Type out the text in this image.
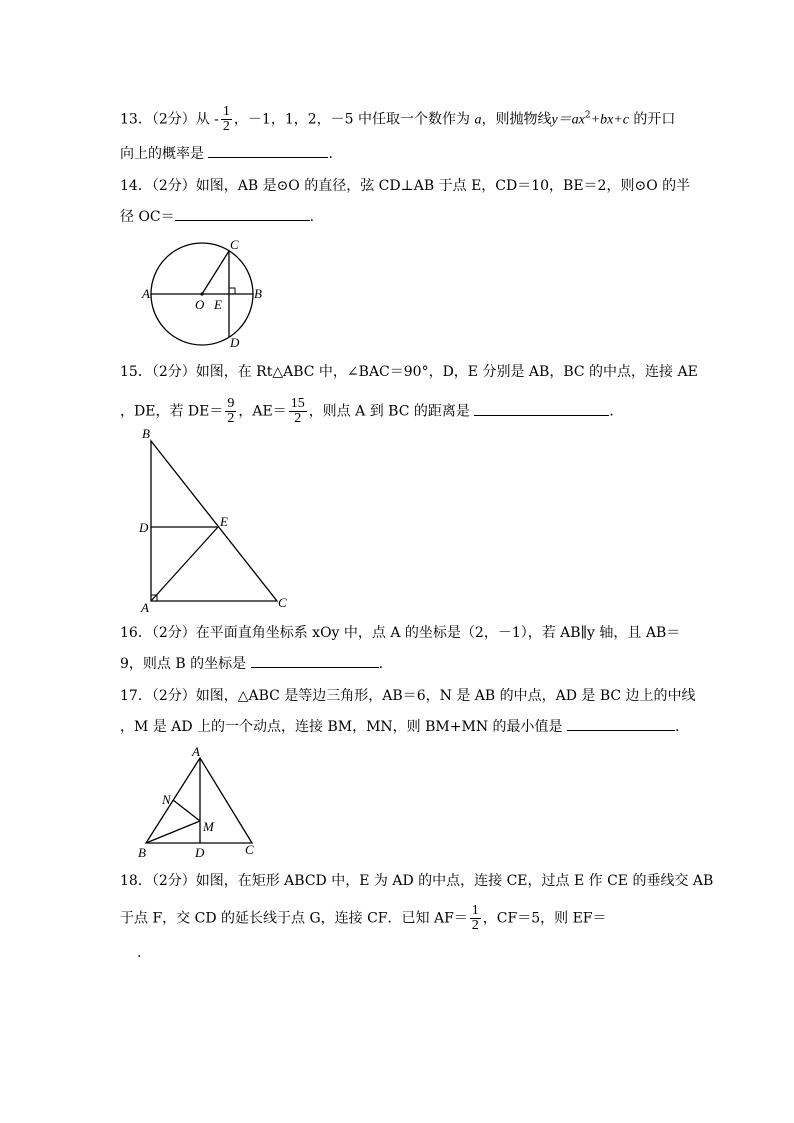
13．（2分）从 - $\frac{1}{2}$ ，－1，1，2，－5 中任取一个数作为 a，则抛物线$y=ax^2+bx+c$ 的开口
向上的概率是	.
14．（2分）如图，AB 是⊙O 的直径，弦 CD⊥AB 于点 E，CD＝10，BE＝2，则⊙O 的半
径 OC＝	.
A	B
C
D
O E
15．（2分）如图，在 Rt△ABC 中，∠BAC＝90°，D，E 分别是 AB，BC 的中点，连接 AE
，DE，若 $DE= \frac{9}{2}$ ，$AE= \frac{15}{2}$ ，则点 A 到 BC 的距离是	.
B
D	E
A	C
16．（2分）在平面直角坐标系 xOy 中，点 A 的坐标是（2，－1），若 AB∥y 轴，且 AB＝
9，则点 B 的坐标是	.
17．（2分）如图，△ABC 是等边三角形，AB＝6，N 是 AB 的中点，AD 是 BC 边上的中线
，M 是 AD 上的一个动点，连接 BM，MN，则 BM+MN 的最小值是	.
A
N
M
B	D	C
18．（2分）如图，在矩形 ABCD 中，E 为 AD 的中点，连接 CE，过点 E 作 CE 的垂线交 AB
于点 F，交 CD 的延长线于点 G，连接 CF．已知 $AF= \frac{1}{2}$ ，CF＝5，则 EF＝
.
